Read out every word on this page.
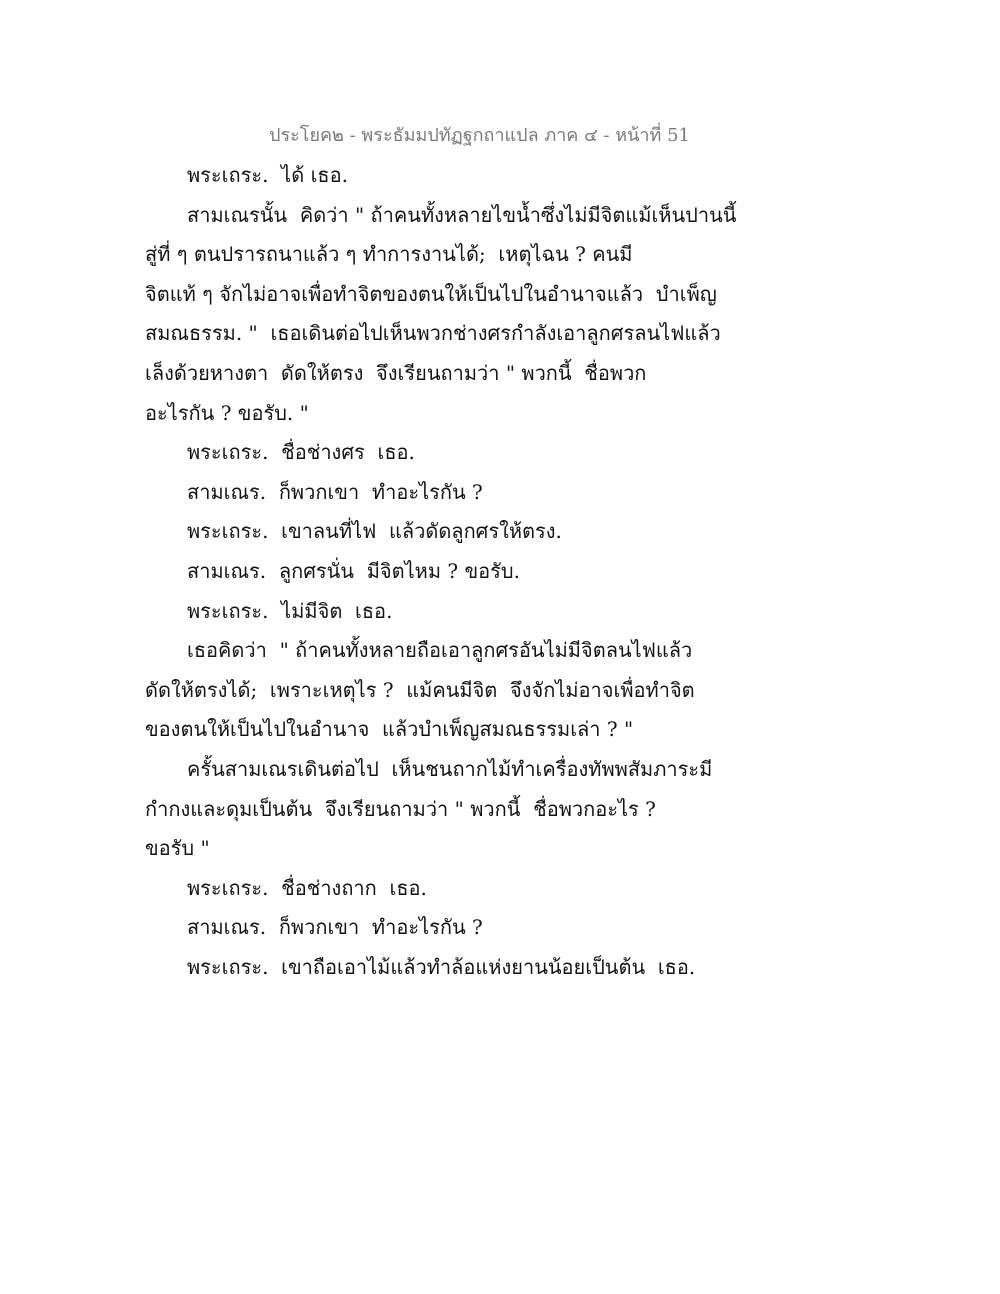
ประโยค๒ - พระธัมมปทัฏฐกถาแปล ภาค ๔ - หน้าที่ 51
พระเถระ.  ได้ เธอ.
สามเณรนั้น  คิดว่า " ถ้าคนทั้งหลายไขน้ำซึ่งไม่มีจิตแม้เห็นปานนี้
สู่ที่ ๆ ตนปรารถนาแล้ว ๆ ทำการงานได้;  เหตุไฉน ? คนมี
จิตแท้ ๆ จักไม่อาจเพื่อทำจิตของตนให้เป็นไปในอำนาจแล้ว  บำเพ็ญ
สมณธรรม. "  เธอเดินต่อไปเห็นพวกช่างศรกำลังเอาลูกศรลนไฟแล้ว
เล็งด้วยหางตา  ดัดให้ตรง  จึงเรียนถามว่า " พวกนี้  ชื่อพวก
อะไรกัน ? ขอรับ. "
พระเถระ.  ชื่อช่างศร  เธอ.
สามเณร.  ก็พวกเขา  ทำอะไรกัน ?
พระเถระ.  เขาลนที่ไฟ  แล้วดัดลูกศรให้ตรง.
สามเณร.  ลูกศรนั่น  มีจิตไหม ? ขอรับ.
พระเถระ.  ไม่มีจิต  เธอ.
เธอคิดว่า  " ถ้าคนทั้งหลายถือเอาลูกศรอันไม่มีจิตลนไฟแล้ว
ดัดให้ตรงได้;  เพราะเหตุไร ?  แม้คนมีจิต  จึงจักไม่อาจเพื่อทำจิต
ของตนให้เป็นไปในอำนาจ  แล้วบำเพ็ญสมณธรรมเล่า ? "
ครั้นสามเณรเดินต่อไป  เห็นชนถากไม้ทำเครื่องทัพพสัมภาระมี
กำกงและดุมเป็นต้น  จึงเรียนถามว่า " พวกนี้  ชื่อพวกอะไร ?
ขอรับ "
พระเถระ.  ชื่อช่างถาก  เธอ.
สามเณร.  ก็พวกเขา  ทำอะไรกัน ?
พระเถระ.  เขาถือเอาไม้แล้วทำล้อแห่งยานน้อยเป็นต้น  เธอ.
